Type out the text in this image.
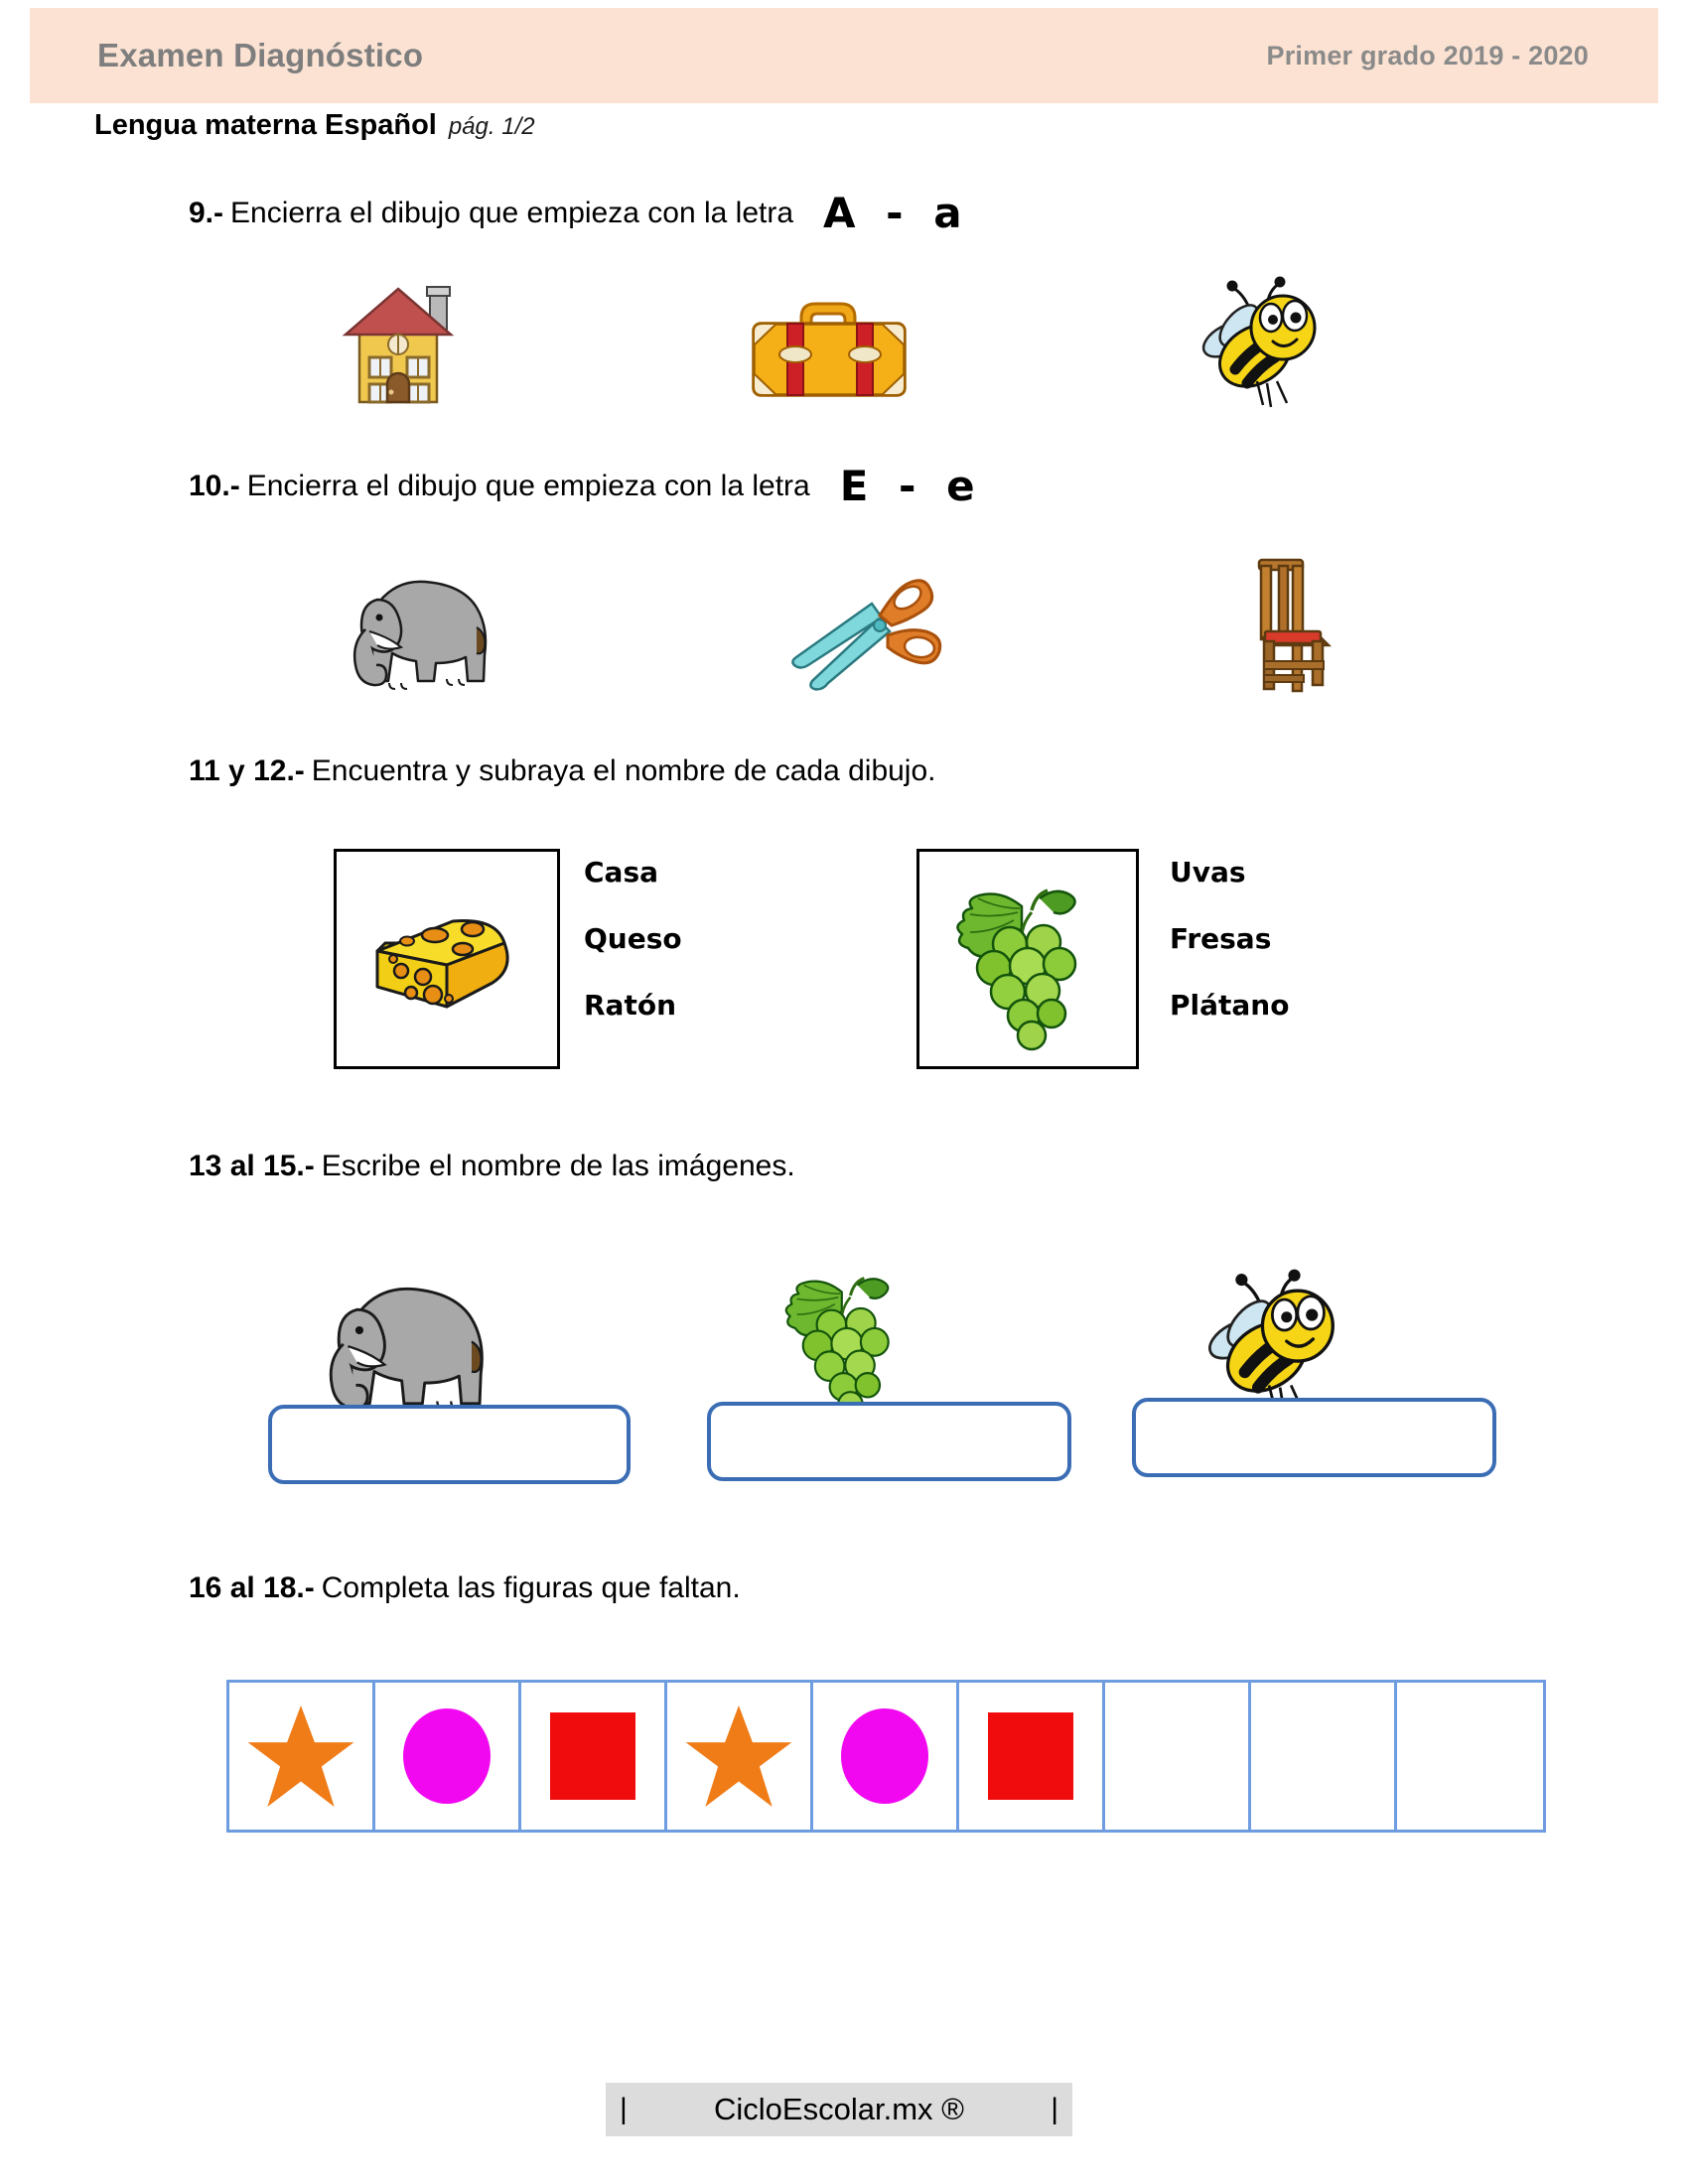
Examen Diagnóstico	Primer grado 2019 - 2020
Lengua materna Español pág. 1/2
9.- Encierra el dibujo que empieza con la letra A - a
10.- Encierra el dibujo que empieza con la letra E - e
11 y 12.- Encuentra y subraya el nombre de cada dibujo.
Casa
Queso
Ratón
Uvas
Fresas
Plátano
13 al 15.- Escribe el nombre de las imágenes.
16 al 18.- Completa las figuras que faltan.
|	CicloEscolar.mx ®	|
